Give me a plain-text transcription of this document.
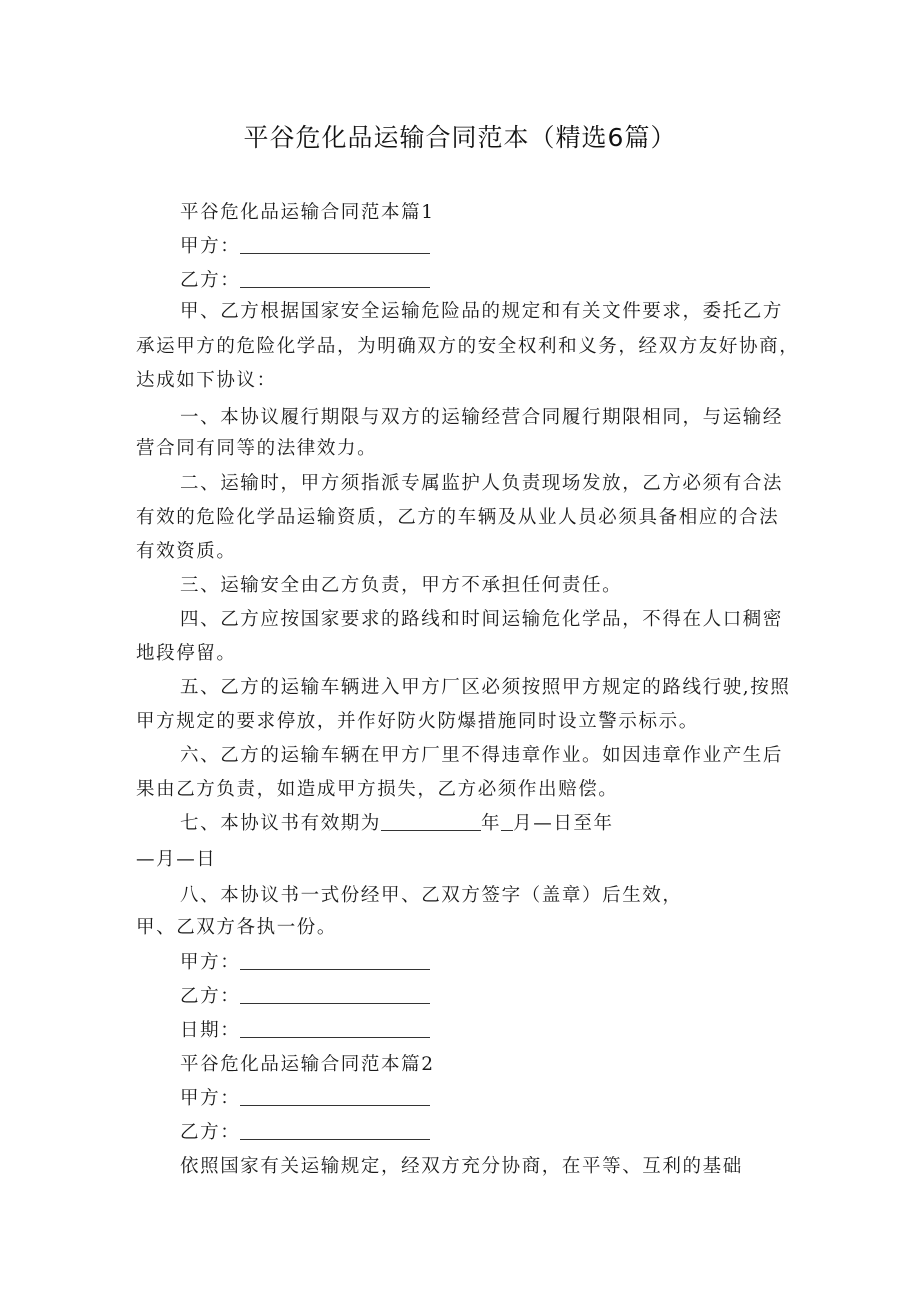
平谷危化品运输合同范本（精选6篇）
平谷危化品运输合同范本篇1
甲方：
乙方：
甲、乙方根据国家安全运输危险品的规定和有关文件要求，委托乙方
承运甲方的危险化学品，为明确双方的安全权利和义务，经双方友好协商，
达成如下协议：
一、本协议履行期限与双方的运输经营合同履行期限相同，与运输经
营合同有同等的法律效力。
二、运输时，甲方须指派专属监护人负责现场发放，乙方必须有合法
有效的危险化学品运输资质，乙方的车辆及从业人员必须具备相应的合法
有效资质。
三、运输安全由乙方负责，甲方不承担任何责任。
四、乙方应按国家要求的路线和时间运输危化学品，不得在人口稠密
地段停留。
五、乙方的运输车辆进入甲方厂区必须按照甲方规定的路线行驶,按照
甲方规定的要求停放，并作好防火防爆措施同时设立警示标示。
六、乙方的运输车辆在甲方厂里不得违章作业。如因违章作业产生后
果由乙方负责，如造成甲方损失，乙方必须作出赔偿。
七、本协议书有效期为	年 月—日至年
—月—日
八、本协议书一式份经甲、乙双方签字（盖章）后生效，
甲、乙双方各执一份。
甲方：
乙方：
日期：
平谷危化品运输合同范本篇2
甲方：
乙方：
依照国家有关运输规定，经双方充分协商，在平等、互利的基础
